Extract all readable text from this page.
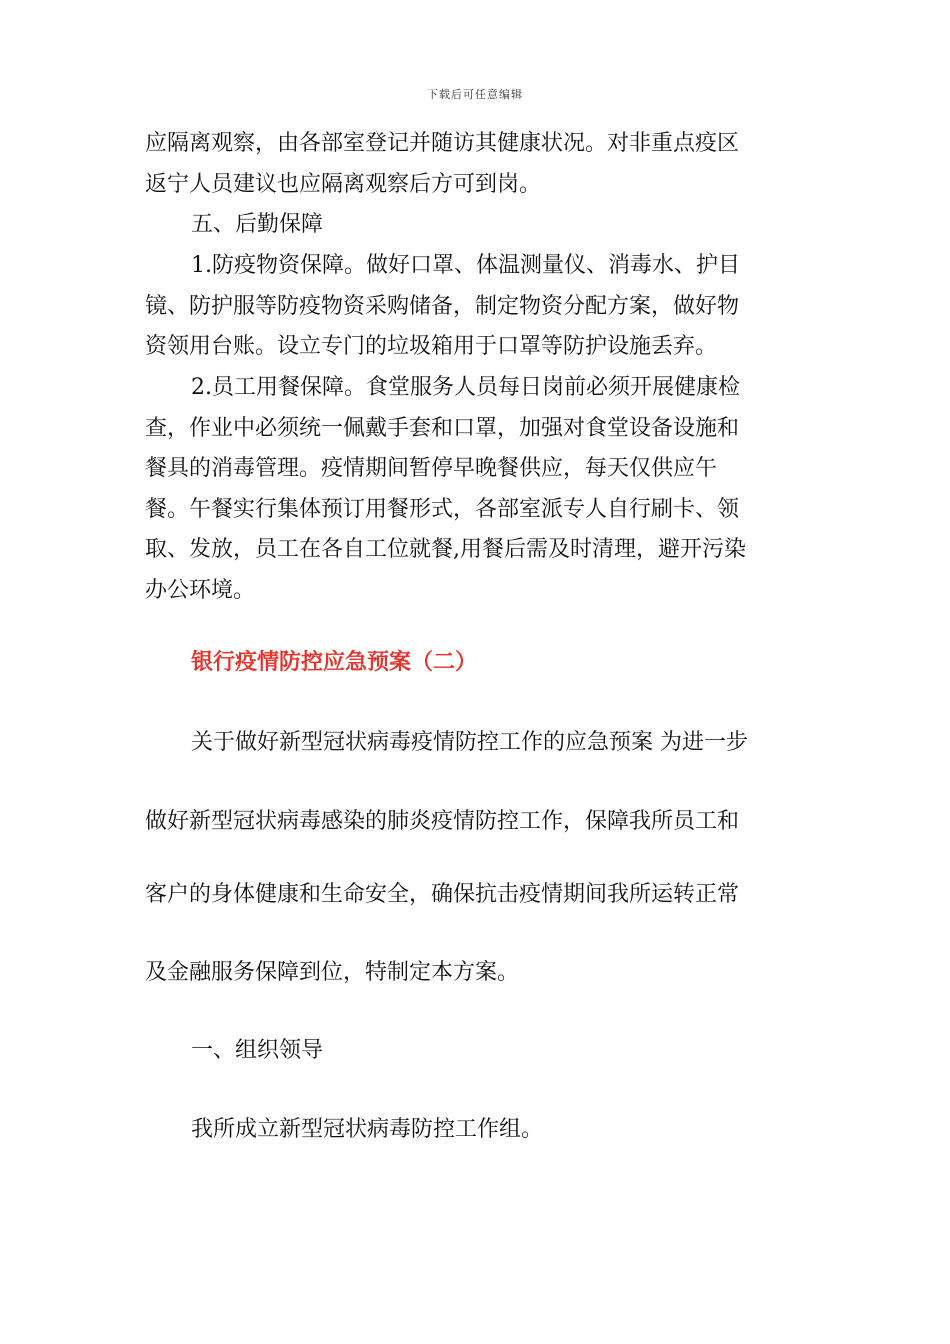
下载后可任意编辑
应隔离观察，由各部室登记并随访其健康状况。对非重点疫区
返宁人员建议也应隔离观察后方可到岗。
五、后勤保障
1.防疫物资保障。做好口罩、体温测量仪、消毒水、护目
镜、防护服等防疫物资采购储备，制定物资分配方案，做好物
资领用台账。设立专门的垃圾箱用于口罩等防护设施丢弃。
2.员工用餐保障。食堂服务人员每日岗前必须开展健康检
查，作业中必须统一佩戴手套和口罩，加强对食堂设备设施和
餐具的消毒管理。疫情期间暂停早晚餐供应，每天仅供应午
餐。午餐实行集体预订用餐形式，各部室派专人自行刷卡、领
取、发放，员工在各自工位就餐,用餐后需及时清理，避开污染
办公环境。
银行疫情防控应急预案（二）
关于做好新型冠状病毒疫情防控工作的应急预案 为进一步
做好新型冠状病毒感染的肺炎疫情防控工作，保障我所员工和
客户的身体健康和生命安全，确保抗击疫情期间我所运转正常
及金融服务保障到位，特制定本方案。
一、组织领导
我所成立新型冠状病毒防控工作组。
